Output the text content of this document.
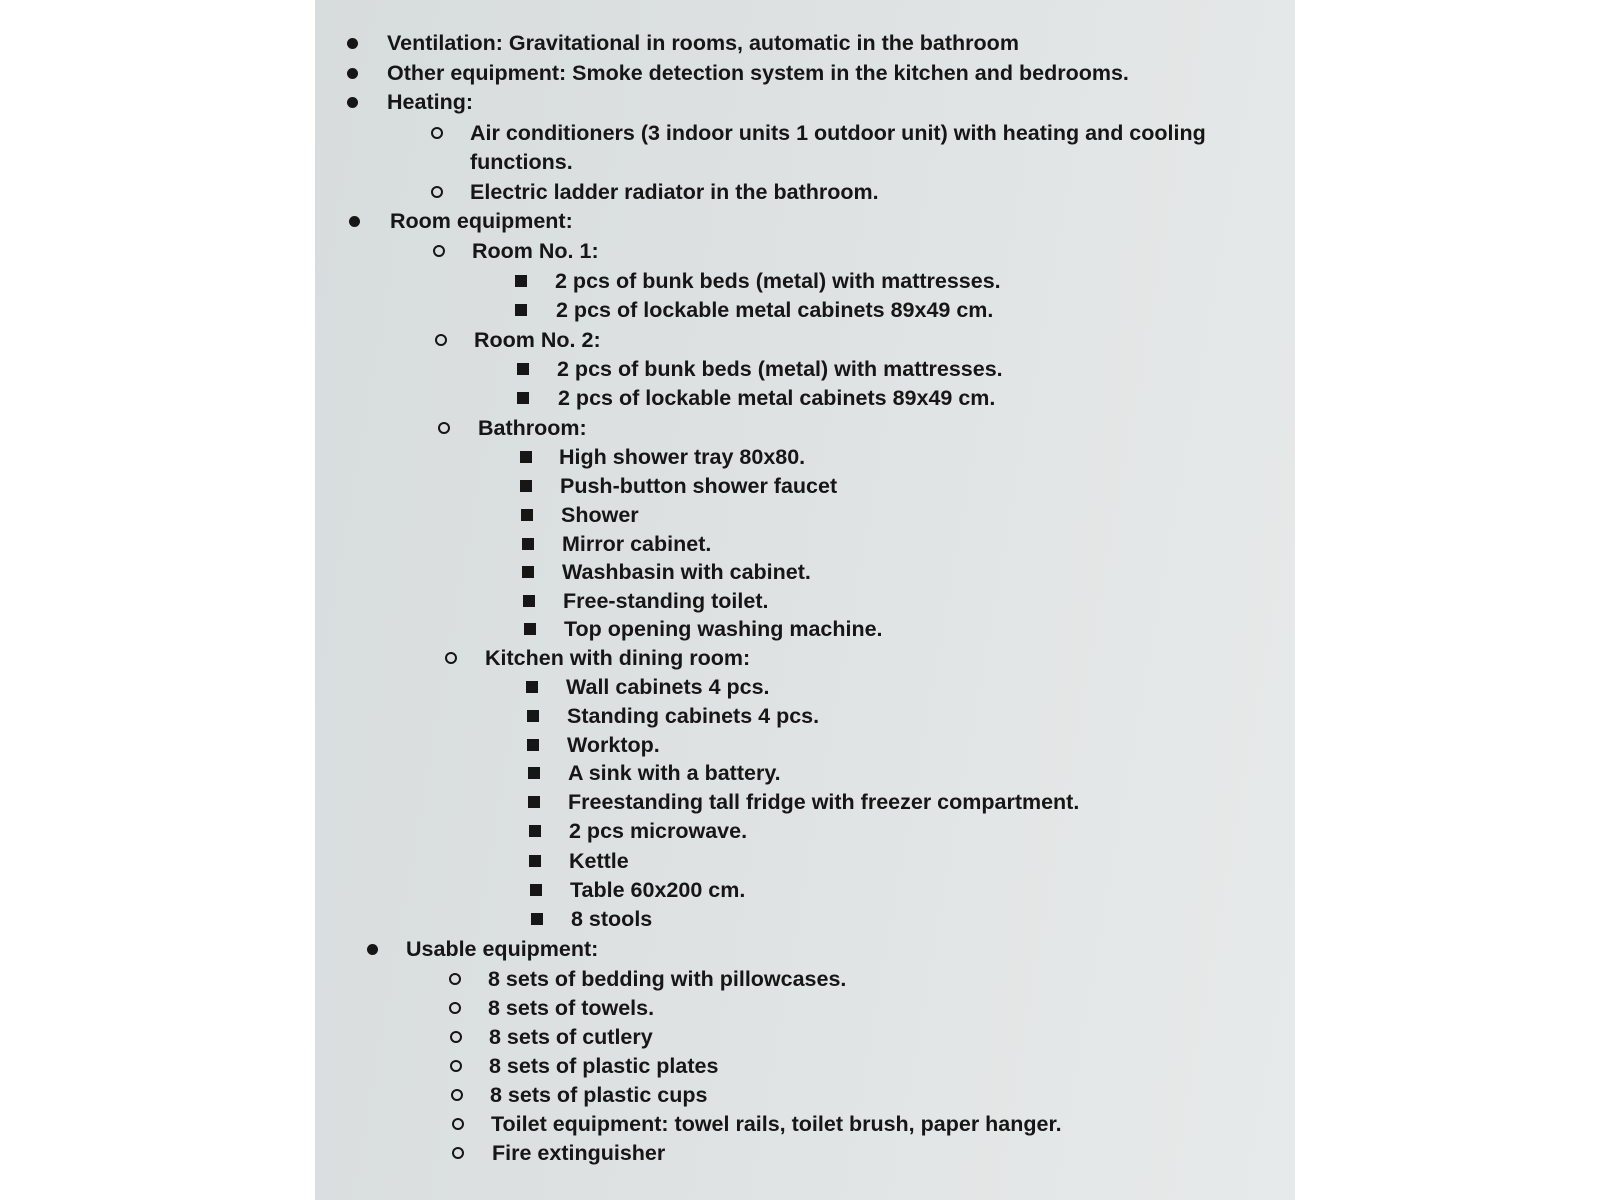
Ventilation: Gravitational in rooms, automatic in the bathroom
Other equipment: Smoke detection system in the kitchen and bedrooms.
Heating:
Air conditioners (3 indoor units 1 outdoor unit) with heating and cooling
functions.
Electric ladder radiator in the bathroom.
Room equipment:
Room No. 1:
2 pcs of bunk beds (metal) with mattresses.
2 pcs of lockable metal cabinets 89x49 cm.
Room No. 2:
2 pcs of bunk beds (metal) with mattresses.
2 pcs of lockable metal cabinets 89x49 cm.
Bathroom:
High shower tray 80x80.
Push-button shower faucet
Shower
Mirror cabinet.
Washbasin with cabinet.
Free-standing toilet.
Top opening washing machine.
Kitchen with dining room:
Wall cabinets 4 pcs.
Standing cabinets 4 pcs.
Worktop.
A sink with a battery.
Freestanding tall fridge with freezer compartment.
2 pcs microwave.
Kettle
Table 60x200 cm.
8 stools
Usable equipment:
8 sets of bedding with pillowcases.
8 sets of towels.
8 sets of cutlery
8 sets of plastic plates
8 sets of plastic cups
Toilet equipment: towel rails, toilet brush, paper hanger.
Fire extinguisher
